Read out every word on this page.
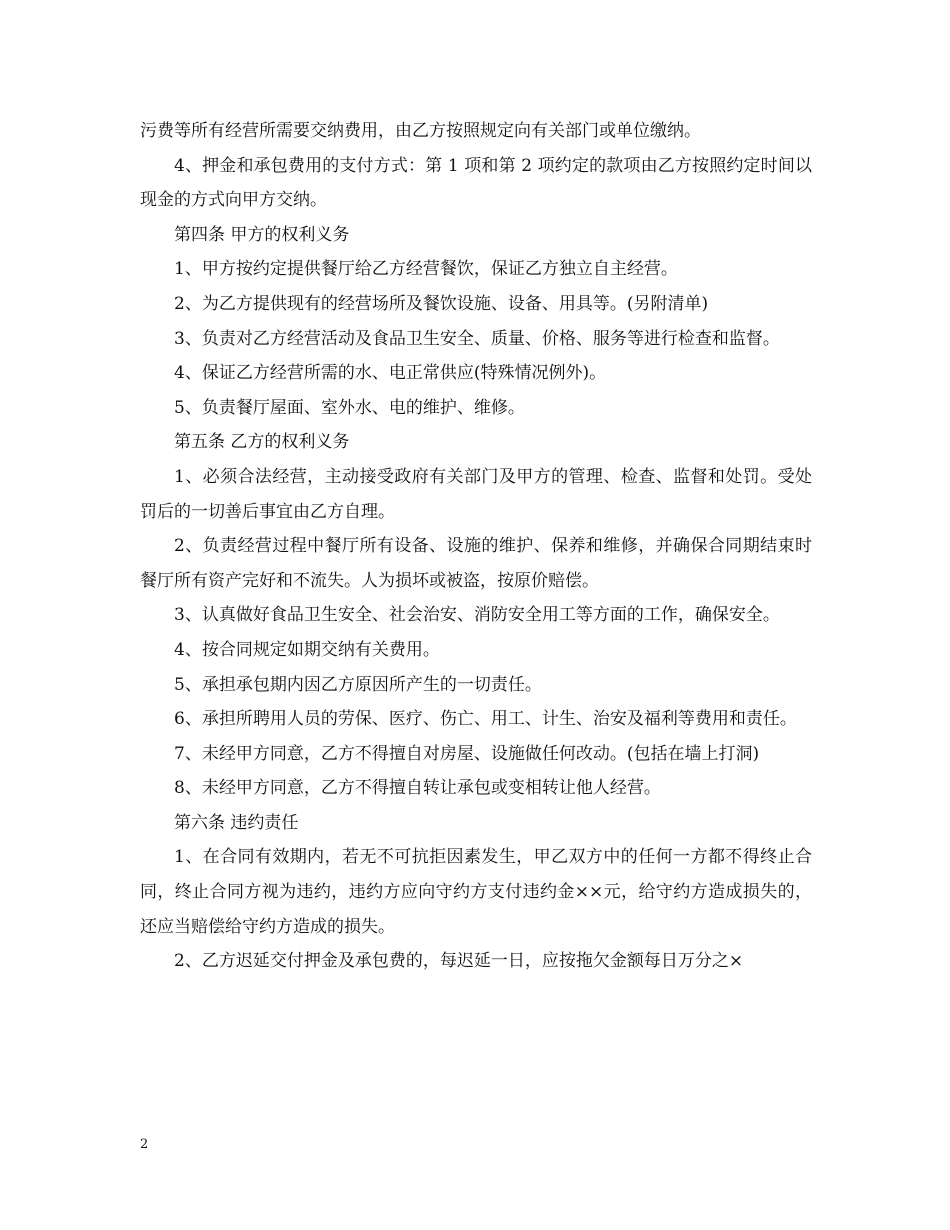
污费等所有经营所需要交纳费用，由乙方按照规定向有关部门或单位缴纳。

4、押金和承包费用的支付方式：第 1 项和第 2 项约定的款项由乙方按照约定时间以现金的方式向甲方交纳。

第四条 甲方的权利义务

1、甲方按约定提供餐厅给乙方经营餐饮，保证乙方独立自主经营。

2、为乙方提供现有的经营场所及餐饮设施、设备、用具等。(另附清单)

3、负责对乙方经营活动及食品卫生安全、质量、价格、服务等进行检查和监督。

4、保证乙方经营所需的水、电正常供应(特殊情况例外)。

5、负责餐厅屋面、室外水、电的维护、维修。

第五条 乙方的权利义务

1、必须合法经营，主动接受政府有关部门及甲方的管理、检查、监督和处罚。受处罚后的一切善后事宜由乙方自理。

2、负责经营过程中餐厅所有设备、设施的维护、保养和维修，并确保合同期结束时餐厅所有资产完好和不流失。人为损坏或被盗，按原价赔偿。

3、认真做好食品卫生安全、社会治安、消防安全用工等方面的工作，确保安全。

4、按合同规定如期交纳有关费用。

5、承担承包期内因乙方原因所产生的一切责任。

6、承担所聘用人员的劳保、医疗、伤亡、用工、计生、治安及福利等费用和责任。

7、未经甲方同意，乙方不得擅自对房屋、设施做任何改动。(包括在墙上打洞)

8、未经甲方同意，乙方不得擅自转让承包或变相转让他人经营。

第六条 违约责任

1、在合同有效期内，若无不可抗拒因素发生，甲乙双方中的任何一方都不得终止合同，终止合同方视为违约，违约方应向守约方支付违约金××元，给守约方造成损失的，还应当赔偿给守约方造成的损失。

2、乙方迟延交付押金及承包费的，每迟延一日，应按拖欠金额每日万分之×

2
